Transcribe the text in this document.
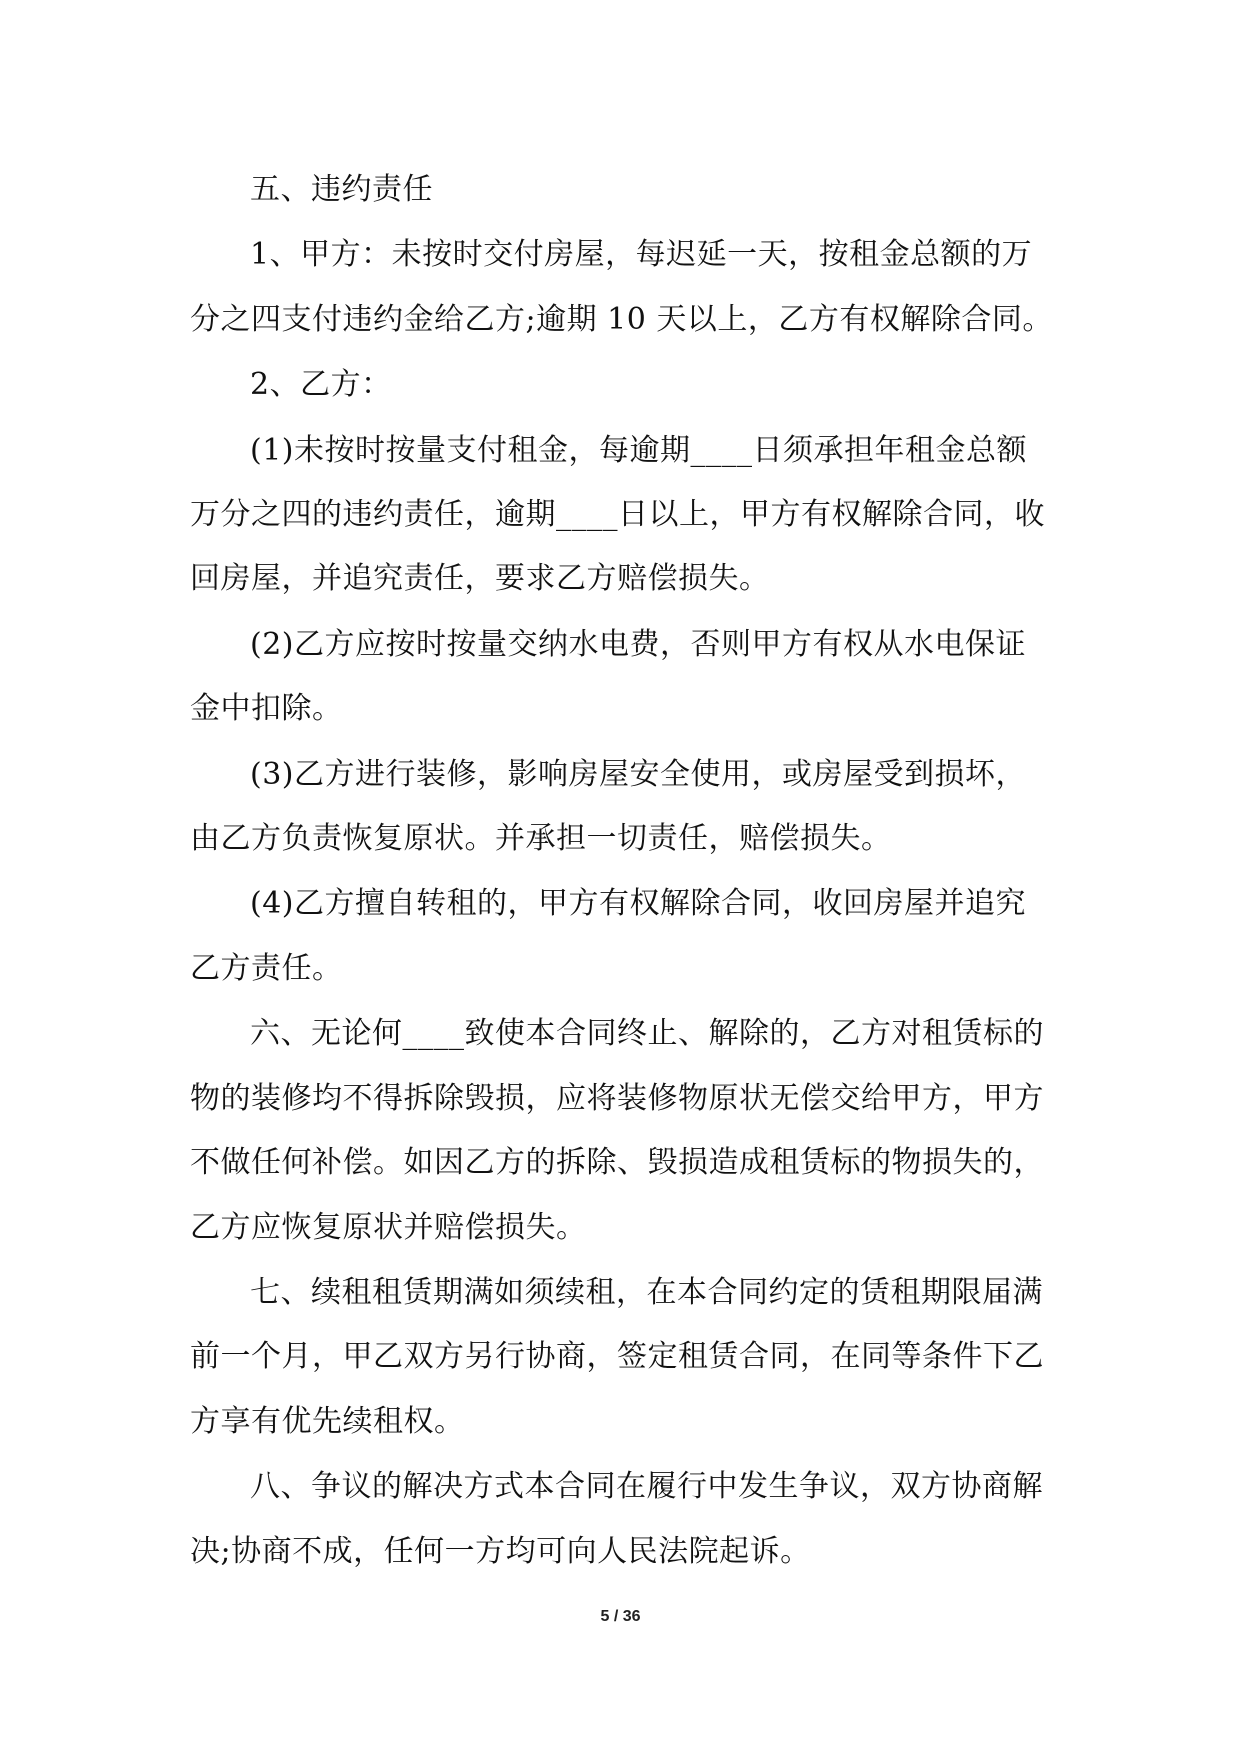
五、违约责任

1、甲方：未按时交付房屋，每迟延一天，按租金总额的万
分之四支付违约金给乙方;逾期 10 天以上，乙方有权解除合同。

2、乙方：

(1)未按时按量支付租金，每逾期____日须承担年租金总额
万分之四的违约责任，逾期____日以上，甲方有权解除合同，收
回房屋，并追究责任，要求乙方赔偿损失。

(2)乙方应按时按量交纳水电费，否则甲方有权从水电保证
金中扣除。

(3)乙方进行装修，影响房屋安全使用，或房屋受到损坏，
由乙方负责恢复原状。并承担一切责任，赔偿损失。

(4)乙方擅自转租的，甲方有权解除合同，收回房屋并追究
乙方责任。

六、无论何____致使本合同终止、解除的，乙方对租赁标的
物的装修均不得拆除毁损，应将装修物原状无偿交给甲方，甲方
不做任何补偿。如因乙方的拆除、毁损造成租赁标的物损失的，
乙方应恢复原状并赔偿损失。

七、续租租赁期满如须续租，在本合同约定的赁租期限届满
前一个月，甲乙双方另行协商，签定租赁合同，在同等条件下乙
方享有优先续租权。

八、争议的解决方式本合同在履行中发生争议，双方协商解
决;协商不成，任何一方均可向人民法院起诉。

5 / 36
